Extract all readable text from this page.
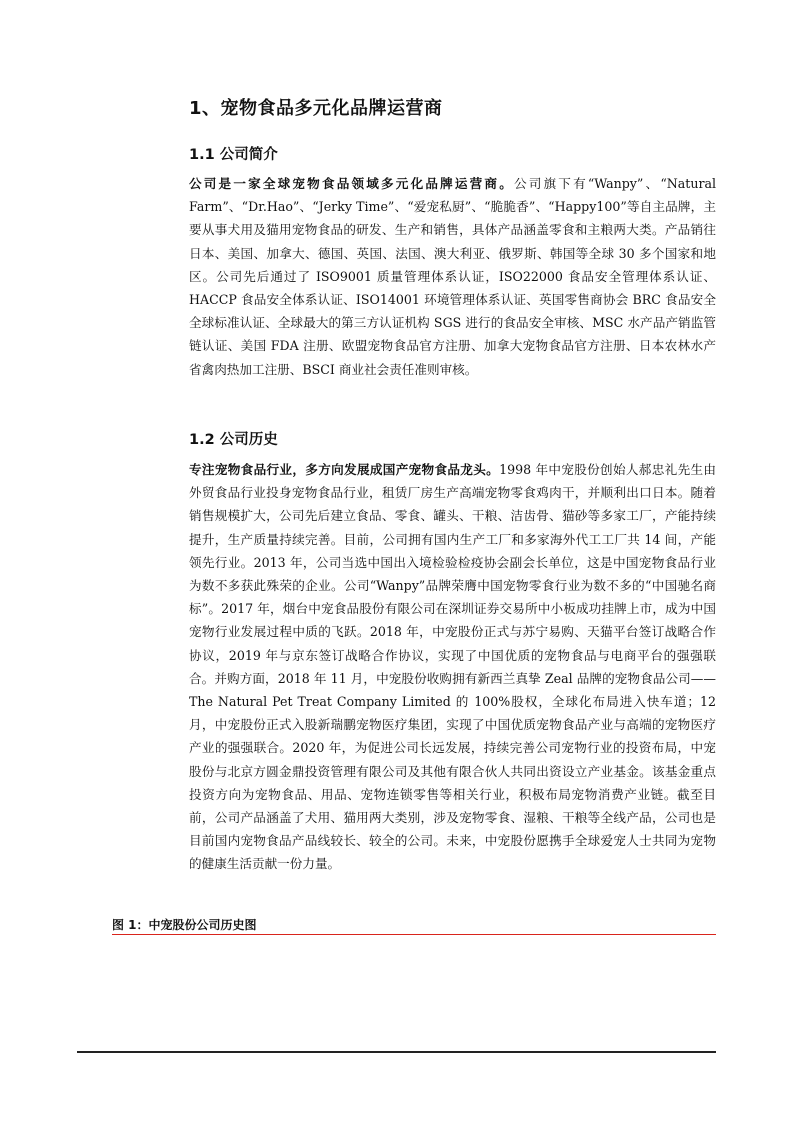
1、宠物食品多元化品牌运营商
1.1 公司简介

公司是一家全球宠物食品领域多元化品牌运营商。公司旗下有“Wanpy”、“Natural Farm”、“Dr.Hao”、“Jerky Time”、“爱宠私厨”、“脆脆香”、“Happy100”等自主品牌，主要从事犬用及猫用宠物食品的研发、生产和销售，具体产品涵盖零食和主粮两大类。产品销往日本、美国、加拿大、德国、英国、法国、澳大利亚、俄罗斯、韩国等全球 30 多个国家和地区。公司先后通过了 ISO9001 质量管理体系认证，ISO22000 食品安全管理体系认证、HACCP 食品安全体系认证、ISO14001 环境管理体系认证、英国零售商协会 BRC 食品安全全球标准认证、全球最大的第三方认证机构 SGS 进行的食品安全审核、MSC 水产品产销监管链认证、美国 FDA 注册、欧盟宠物食品官方注册、加拿大宠物食品官方注册、日本农林水产省禽肉热加工注册、BSCI 商业社会责任准则审核。

1.2 公司历史

专注宠物食品行业，多方向发展成国产宠物食品龙头。1998 年中宠股份创始人郝忠礼先生由外贸食品行业投身宠物食品行业，租赁厂房生产高端宠物零食鸡肉干，并顺利出口日本。随着销售规模扩大，公司先后建立食品、零食、罐头、干粮、洁齿骨、猫砂等多家工厂，产能持续提升，生产质量持续完善。目前，公司拥有国内生产工厂和多家海外代工工厂共 14 间，产能领先行业。2013 年，公司当选中国出入境检验检疫协会副会长单位，这是中国宠物食品行业为数不多获此殊荣的企业。公司“Wanpy”品牌荣膺中国宠物零食行业为数不多的“中国驰名商标”。2017 年，烟台中宠食品股份有限公司在深圳证券交易所中小板成功挂牌上市，成为中国宠物行业发展过程中质的飞跃。2018 年，中宠股份正式与苏宁易购、天猫平台签订战略合作协议，2019 年与京东签订战略合作协议，实现了中国优质的宠物食品与电商平台的强强联合。并购方面，2018 年 11 月，中宠股份收购拥有新西兰真挚 Zeal 品牌的宠物食品公司——The Natural Pet Treat Company Limited 的 100%股权，全球化布局进入快车道；12 月，中宠股份正式入股新瑞鹏宠物医疗集团，实现了中国优质宠物食品产业与高端的宠物医疗产业的强强联合。2020 年，为促进公司长远发展，持续完善公司宠物行业的投资布局，中宠股份与北京方圆金鼎投资管理有限公司及其他有限合伙人共同出资设立产业基金。该基金重点投资方向为宠物食品、用品、宠物连锁零售等相关行业，积极布局宠物消费产业链。截至目前，公司产品涵盖了犬用、猫用两大类别，涉及宠物零食、湿粮、干粮等全线产品，公司也是目前国内宠物食品产品线较长、较全的公司。未来，中宠股份愿携手全球爱宠人士共同为宠物的健康生活贡献一份力量。

图 1：中宠股份公司历史图
